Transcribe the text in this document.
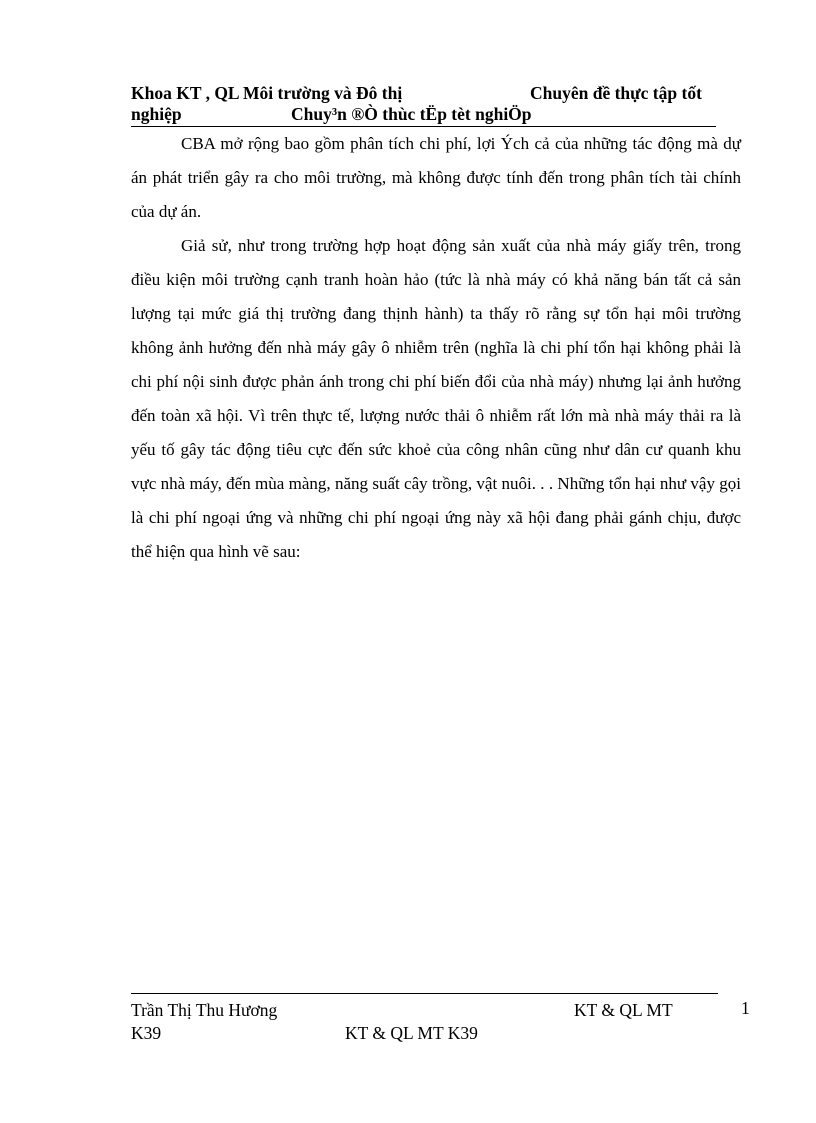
Khoa KT , QL Môi trường và Đô thị	Chuyên đề thực tập tốt
nghiệp	Chuy³n ®Ò thùc tËp tèt nghiÖp

CBA mở rộng bao gồm phân tích chi phí, lợi Ých cả của những tác động mà dự án phát triển gây ra cho môi trường, mà không được tính đến trong phân tích tài chính của dự án.

Giả sử, như trong trường hợp hoạt động sản xuất của nhà máy giấy trên, trong điều kiện môi trường cạnh tranh hoàn hảo (tức là nhà máy có khả năng bán tất cả sản lượng tại mức giá thị trường đang thịnh hành) ta thấy rõ rằng sự tổn hại môi trường không ảnh hưởng đến nhà máy gây ô nhiễm trên (nghĩa là chi phí tổn hại không phải là chi phí nội sinh được phản ánh trong chi phí biến đổi của nhà máy) nhưng lại ảnh hưởng đến toàn xã hội. Vì trên thực tế, lượng nước thải ô nhiễm rất lớn mà nhà máy thải ra là yếu tố gây tác động tiêu cực đến sức khoẻ của công nhân cũng như dân cư quanh khu vực nhà máy, đến mùa màng, năng suất cây trồng, vật nuôi. . . Những tổn hại như vậy gọi là chi phí ngoại ứng và những chi phí ngoại ứng này xã hội đang phải gánh chịu, được thể hiện qua hình vẽ sau:

Trần Thị Thu Hương	KT & QL MT	1
K39	KT & QL MT K39
